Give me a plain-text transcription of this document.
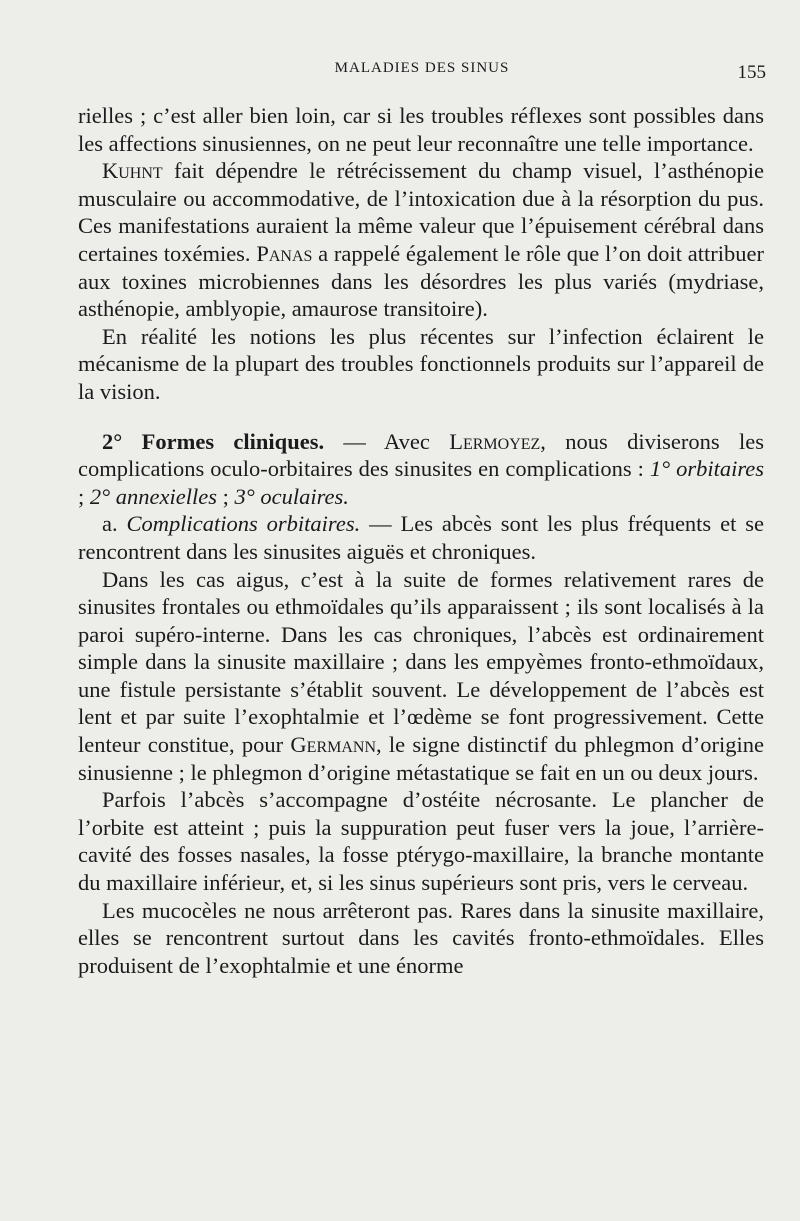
MALADIES DES SINUS	155

rielles ; c’est aller bien loin, car si les troubles réflexes sont possibles dans les affections sinusiennes, on ne peut leur reconnaître une telle importance.

Kuhnt fait dépendre le rétrécissement du champ visuel, l’asthénopie musculaire ou accommodative, de l’intoxication due à la résorption du pus. Ces manifestations auraient la même valeur que l’épuisement cérébral dans certaines toxémies. Panas a rappelé également le rôle que l’on doit attribuer aux toxines microbiennes dans les désordres les plus variés (mydriase, asthénopie, amblyopie, amaurose transitoire).

En réalité les notions les plus récentes sur l’infection éclairent le mécanisme de la plupart des troubles fonctionnels produits sur l’appareil de la vision.

2° Formes cliniques. — Avec Lermoyez, nous diviserons les complications oculo-orbitaires des sinusites en complications : 1° orbitaires ; 2° annexielles ; 3° oculaires.

a. Complications orbitaires. — Les abcès sont les plus fréquents et se rencontrent dans les sinusites aiguës et chroniques.

Dans les cas aigus, c’est à la suite de formes relativement rares de sinusites frontales ou ethmoïdales qu’ils apparaissent ; ils sont localisés à la paroi supéro-interne. Dans les cas chroniques, l’abcès est ordinairement simple dans la sinusite maxillaire ; dans les empyèmes fronto-ethmoïdaux, une fistule persistante s’établit souvent. Le développement de l’abcès est lent et par suite l’exophtalmie et l’œdème se font progressivement. Cette lenteur constitue, pour Germann, le signe distinctif du phlegmon d’origine sinusienne ; le phlegmon d’origine métastatique se fait en un ou deux jours.

Parfois l’abcès s’accompagne d’ostéite nécrosante. Le plancher de l’orbite est atteint ; puis la suppuration peut fuser vers la joue, l’arrière-cavité des fosses nasales, la fosse ptérygo-maxillaire, la branche montante du maxillaire inférieur, et, si les sinus supérieurs sont pris, vers le cerveau.

Les mucocèles ne nous arrêteront pas. Rares dans la sinusite maxillaire, elles se rencontrent surtout dans les cavités fronto-ethmoïdales. Elles produisent de l’exophtalmie et une énorme
